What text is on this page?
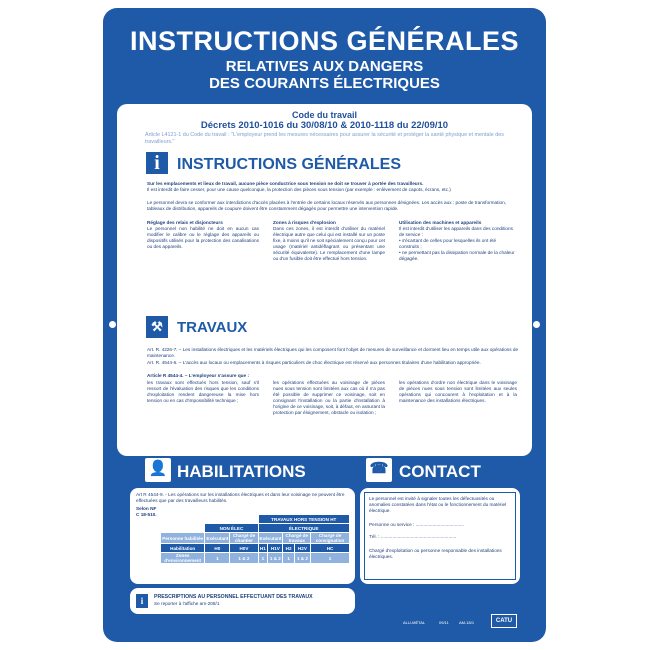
INSTRUCTIONS GÉNÉRALES
RELATIVES AUX DANGERS
DES COURANTS ÉLECTRIQUES
Code du travail
Décrets 2010-1016 du 30/08/10 & 2010-1118 du 22/09/10
Article L4121-1 du Code du travail : "L'employeur prend les mesures nécessaires pour assurer la sécurité et protéger la santé physique et mentale des travailleurs."
i	INSTRUCTIONS GÉNÉRALES
Sur les emplacements et lieux de travail, aucune pièce conductrice sous tension ne doit se trouver à portée des travailleurs.
Il est interdit de faire cesser, pour une cause quelconque, la protection des pièces sous tension (par exemple : enlèvement de capots, écrans, etc.)
Le personnel devra se conformer aux interdictions d'accès placées à l'entrée de certains locaux réservés aux personnes désignées. Les accès aux : poste de transformation, tableaux de distribution, appareils de coupure doivent être constamment dégagés pour permettre une intervention rapide.
Réglage des relais et disjoncteurs
Le personnel non habilité ne doit en aucun cas modifier le calibre ou le réglage des appareils ou dispositifs utilisés pour la protection des canalisations ou des appareils.
Zones à risques d'explosion
Dans ces zones, il est interdit d'utiliser du matériel électrique autre que celui qui est installé sur un poste fixe, à moins qu'il ne soit spécialement conçu pour cet usage (matériel antidéflagrant ou présentant une sécurité équivalente). Le remplacement d'une lampe ou d'un fusible doit être effectué hors tension.
Utilisation des machines et appareils
Il est interdit d'utiliser les appareils dans des conditions de service :
• s'écartant de celles pour lesquelles ils ont été construits ;
• ne permettant pas la dissipation normale de la chaleur dégagée.
⚒ TRAVAUX
Art. R. 4226-7. – Les installations électriques et les matériels électriques qui les composent font l'objet de mesures de surveillance et dorment lieu en temps utile aux opérations de maintenance.
Art. R. 4544-6. – L'accès aux locaux ou emplacements à risques particuliers de choc électrique est réservé aux personnes titulaires d'une habilitation appropriée.
Article R 4544-4. – L'employeur s'assure que :
les travaux sont effectués hors tension, sauf s'il ressort de l'évaluation des risques que les conditions d'exploitation rendent dangereuse la mise hors tension ou en cas d'impossibilité technique ;
les opérations effectuées au voisinage de pièces nues sous tension sont limitées aux cas où il n'a pas été possible de supprimer ce voisinage, soit en consignant l'installation ou la partie d'installation à l'origine de ce voisinage, soit, à défaut, en assurant la protection par éloignement, obstacle ou isolation ;
les opérations d'ordre non électrique dans le voisinage de pièces nues sous tension sont limitées aux seules opérations qui concourent à l'exploitation et à la maintenance des installations électriques.
👤 HABILITATIONS	☎ CONTACT
Art R 4544-9. - Les opérations sur les installations électriques et dans leur voisinage ne peuvent être effectuées que par des travailleurs habilités.
Selon NF C 18-510.
			TRAVAUX HORS TENSION HT				
	NON ÉLEC		ÉLECTRIQUE				
Personne habilitée	Exécutant	Chargé de chantier	Exécutant		Chargé de travaux		Chargé de consignation
Habilitation	H0	H0V	H1	H1V	H2	H2V	HC
Zones d'environnement	1	1 & 2	1	1 & 2	1	1 & 2	1
Le personnel est invité à signaler toutes les défectuosités ou anomalies constatées dans l'état ou le fonctionnement du matériel électrique.
Personne ou service : .....................................
Tél. : ..........................................................
Chargé d'exploitation ou personne responsable des installations électriques.
i	PRESCRIPTIONS AU PERSONNEL EFFECTUANT DES TRAVAUX
Se reporter à l'affiche am-208/1
ALU-MÉTAL	09/11	AM-18/1	CATU
